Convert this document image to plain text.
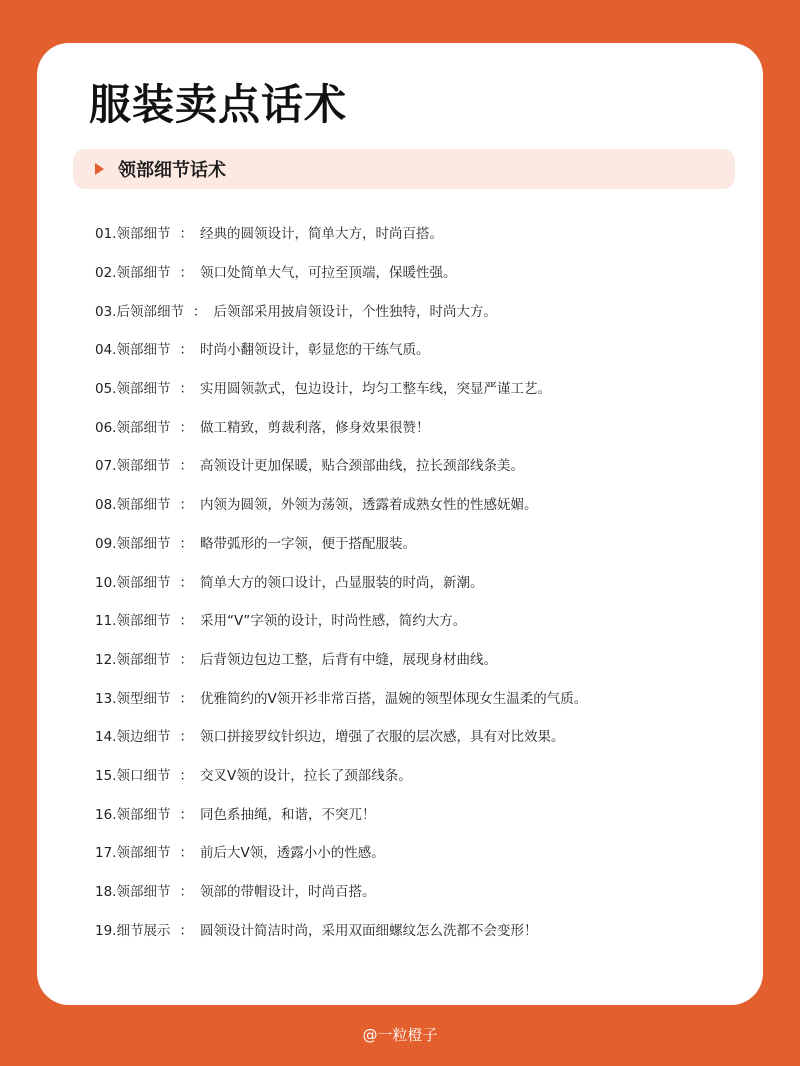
服装卖点话术
领部细节话术
01.领部细节 ： 经典的圆领设计，简单大方，时尚百搭。
02.领部细节 ： 领口处简单大气，可拉至顶端，保暖性强。
03.后领部细节 ： 后领部采用披肩领设计，个性独特，时尚大方。
04.领部细节 ： 时尚小翻领设计，彰显您的干练气质。
05.领部细节 ： 实用圆领款式，包边设计，均匀工整车线，突显严谨工艺。
06.领部细节 ： 做工精致，剪裁利落，修身效果很赞！
07.领部细节 ： 高领设计更加保暖，贴合颈部曲线，拉长颈部线条美。
08.领部细节 ： 内领为圆领，外领为荡领，透露着成熟女性的性感妩媚。
09.领部细节 ： 略带弧形的一字领，便于搭配服装。
10.领部细节 ： 简单大方的领口设计，凸显服装的时尚，新潮。
11.领部细节 ： 采用“V”字领的设计，时尚性感，简约大方。
12.领部细节 ： 后背领边包边工整，后背有中缝，展现身材曲线。
13.领型细节 ： 优雅简约的V领开衫非常百搭，温婉的领型体现女生温柔的气质。
14.领边细节 ： 领口拼接罗纹针织边，增强了衣服的层次感，具有对比效果。
15.领口细节 ： 交叉V领的设计，拉长了颈部线条。
16.领部细节 ： 同色系抽绳，和谐，不突兀！
17.领部细节 ： 前后大V领，透露小小的性感。
18.领部细节 ： 领部的带帽设计，时尚百搭。
19.细节展示 ： 圆领设计简洁时尚，采用双面细螺纹怎么洗都不会变形！
@一粒橙子
